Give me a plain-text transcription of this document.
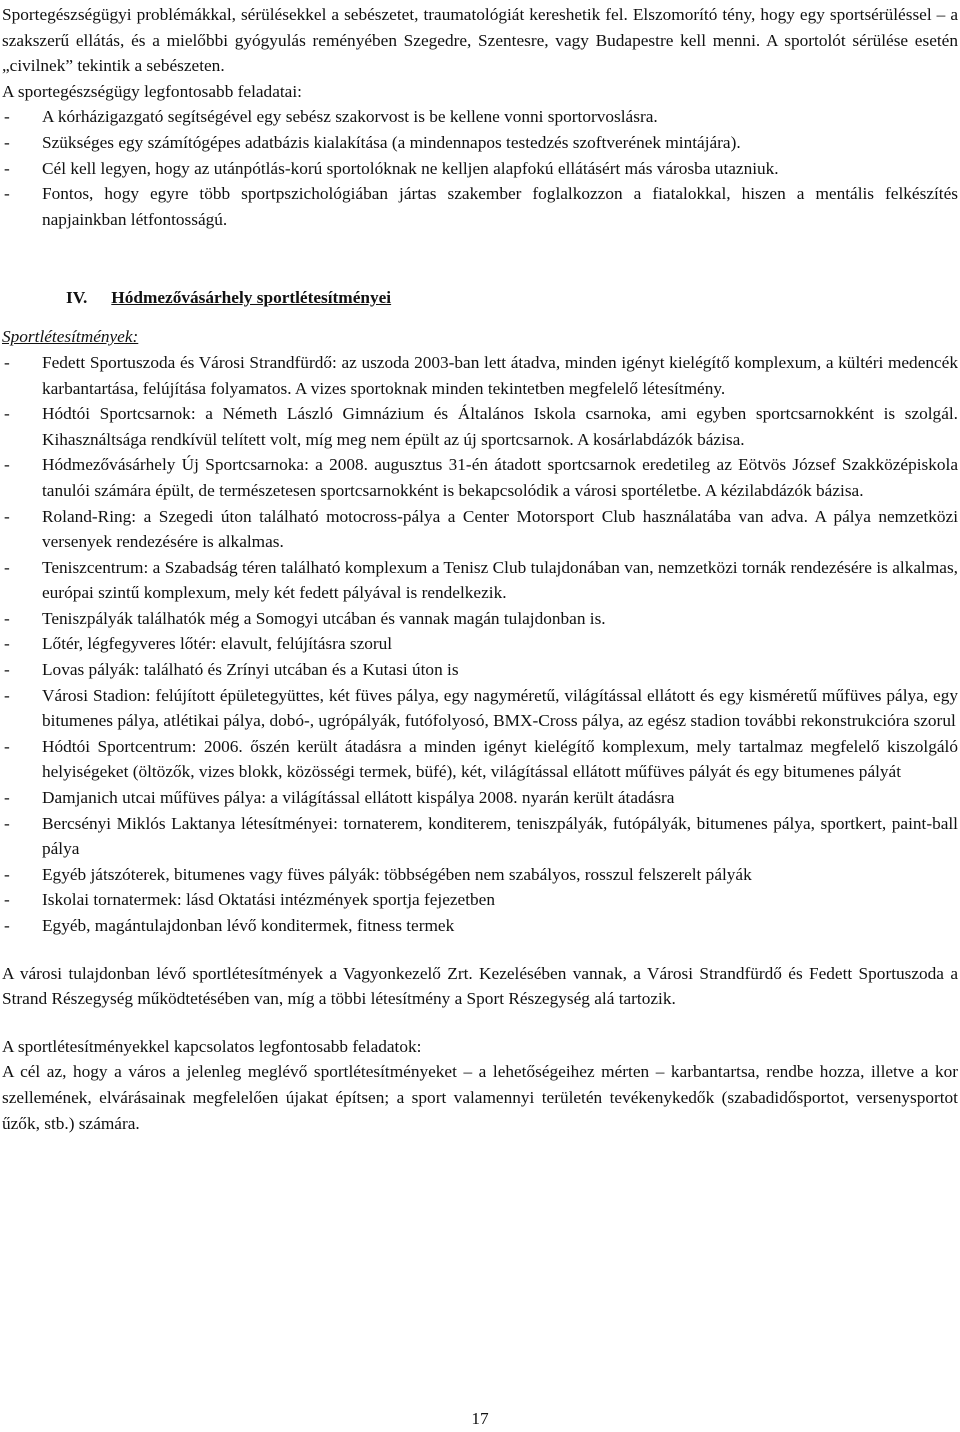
Sportegészségügyi problémákkal, sérülésekkel a sebészetet, traumatológiát kereshetik fel. Elszomorító tény, hogy egy sportsérüléssel – a szakszerű ellátás, és a mielőbbi gyógyulás reményében Szegedre, Szentesre, vagy Budapestre kell menni. A sportolót sérülése esetén „civilnek” tekintik a sebészeten.

A sportegészségügy legfontosabb feladatai:

- A kórházigazgató segítségével egy sebész szakorvost is be kellene vonni sportorvoslásra.
- Szükséges egy számítógépes adatbázis kialakítása (a mindennapos testedzés szoftverének mintájára).
- Cél kell legyen, hogy az utánpótlás-korú sportolóknak ne kelljen alapfokú ellátásért más városba utazniuk.
- Fontos, hogy egyre több sportpszichológiában jártas szakember foglalkozzon a fiatalokkal, hiszen a mentális felkészítés napjainkban létfontosságú.
IV. Hódmezővásárhely sportlétesítményei

Sportlétesítmények:

- Fedett Sportuszoda és Városi Strandfürdő: az uszoda 2003-ban lett átadva, minden igényt kielégítő komplexum, a kültéri medencék karbantartása, felújítása folyamatos. A vizes sportoknak minden tekintetben megfelelő létesítmény.
- Hódtói Sportcsarnok: a Németh László Gimnázium és Általános Iskola csarnoka, ami egyben sportcsarnokként is szolgál. Kihasználtsága rendkívül telített volt, míg meg nem épült az új sportcsarnok. A kosárlabdázók bázisa.
- Hódmezővásárhely Új Sportcsarnoka: a 2008. augusztus 31-én átadott sportcsarnok eredetileg az Eötvös József Szakközépiskola tanulói számára épült, de természetesen sportcsarnokként is bekapcsolódik a városi sportéletbe. A kézilabdázók bázisa.
- Roland-Ring: a Szegedi úton található motocross-pálya a Center Motorsport Club használatába van adva. A pálya nemzetközi versenyek rendezésére is alkalmas.
- Teniszcentrum: a Szabadság téren található komplexum a Tenisz Club tulajdonában van, nemzetközi tornák rendezésére is alkalmas, európai szintű komplexum, mely két fedett pályával is rendelkezik.
- Teniszpályák találhatók még a Somogyi utcában és vannak magán tulajdonban is.
- Lőtér, légfegyveres lőtér: elavult, felújításra szorul
- Lovas pályák: található és Zrínyi utcában és a Kutasi úton is
- Városi Stadion: felújított épületegyüttes, két füves pálya, egy nagyméretű, világítással ellátott és egy kisméretű műfüves pálya, egy bitumenes pálya, atlétikai pálya, dobó-, ugrópályák, futófolyosó, BMX-Cross pálya, az egész stadion további rekonstrukcióra szorul
- Hódtói Sportcentrum: 2006. őszén került átadásra a minden igényt kielégítő komplexum, mely tartalmaz megfelelő kiszolgáló helyiségeket (öltözők, vizes blokk, közösségi termek, büfé), két, világítással ellátott műfüves pályát és egy bitumenes pályát
- Damjanich utcai műfüves pálya: a világítással ellátott kispálya 2008. nyarán került átadásra
- Bercsényi Miklós Laktanya létesítményei: tornaterem, konditerem, teniszpályák, futópályák, bitumenes pálya, sportkert, paint-ball pálya
- Egyéb játszóterek, bitumenes vagy füves pályák: többségében nem szabályos, rosszul felszerelt pályák
- Iskolai tornatermek: lásd Oktatási intézmények sportja fejezetben
- Egyéb, magántulajdonban lévő konditermek, fitness termek

A városi tulajdonban lévő sportlétesítmények a Vagyonkezelő Zrt. Kezelésében vannak, a Városi Strandfürdő és Fedett Sportuszoda a Strand Részegység működtetésében van, míg a többi létesítmény a Sport Részegység alá tartozik.

A sportlétesítményekkel kapcsolatos legfontosabb feladatok:

A cél az, hogy a város a jelenleg meglévő sportlétesítményeket – a lehetőségeihez mérten – karbantartsa, rendbe hozza, illetve a kor szellemének, elvárásainak megfelelően újakat építsen; a sport valamennyi területén tevékenykedők (szabadidősportot, versenysportot űzők, stb.) számára.

17
